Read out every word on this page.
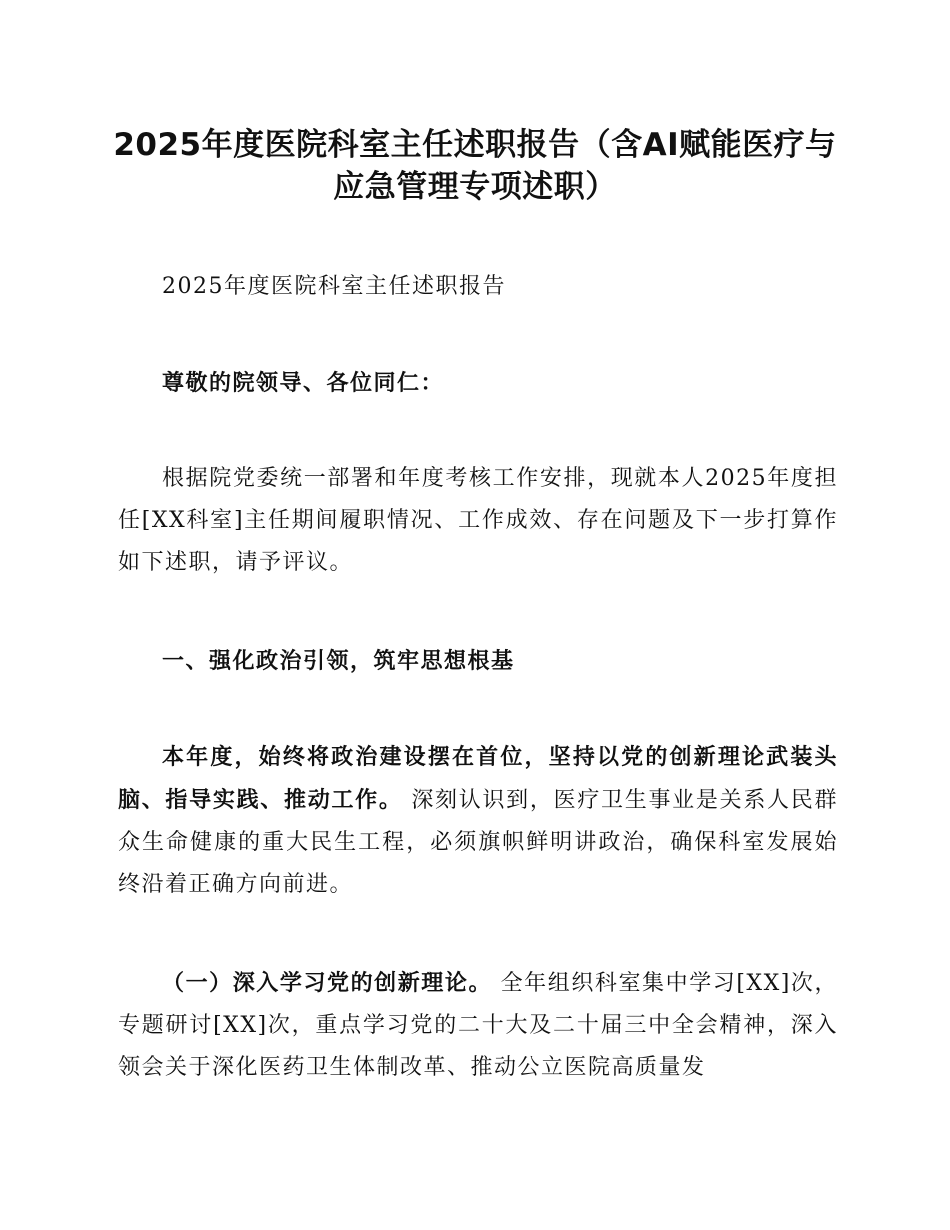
2025年度医院科室主任述职报告（含AI赋能医疗与应急管理专项述职）
2025年度医院科室主任述职报告
尊敬的院领导、各位同仁：
根据院党委统一部署和年度考核工作安排，现就本人2025年度担任[XX科室]主任期间履职情况、工作成效、存在问题及下一步打算作如下述职，请予评议。
一、强化政治引领，筑牢思想根基
本年度，始终将政治建设摆在首位，坚持以党的创新理论武装头脑、指导实践、推动工作。 深刻认识到，医疗卫生事业是关系人民群众生命健康的重大民生工程，必须旗帜鲜明讲政治，确保科室发展始终沿着正确方向前进。
（一）深入学习党的创新理论。 全年组织科室集中学习[XX]次，专题研讨[XX]次，重点学习党的二十大及二十届三中全会精神，深入领会关于深化医药卫生体制改革、推动公立医院高质量发
